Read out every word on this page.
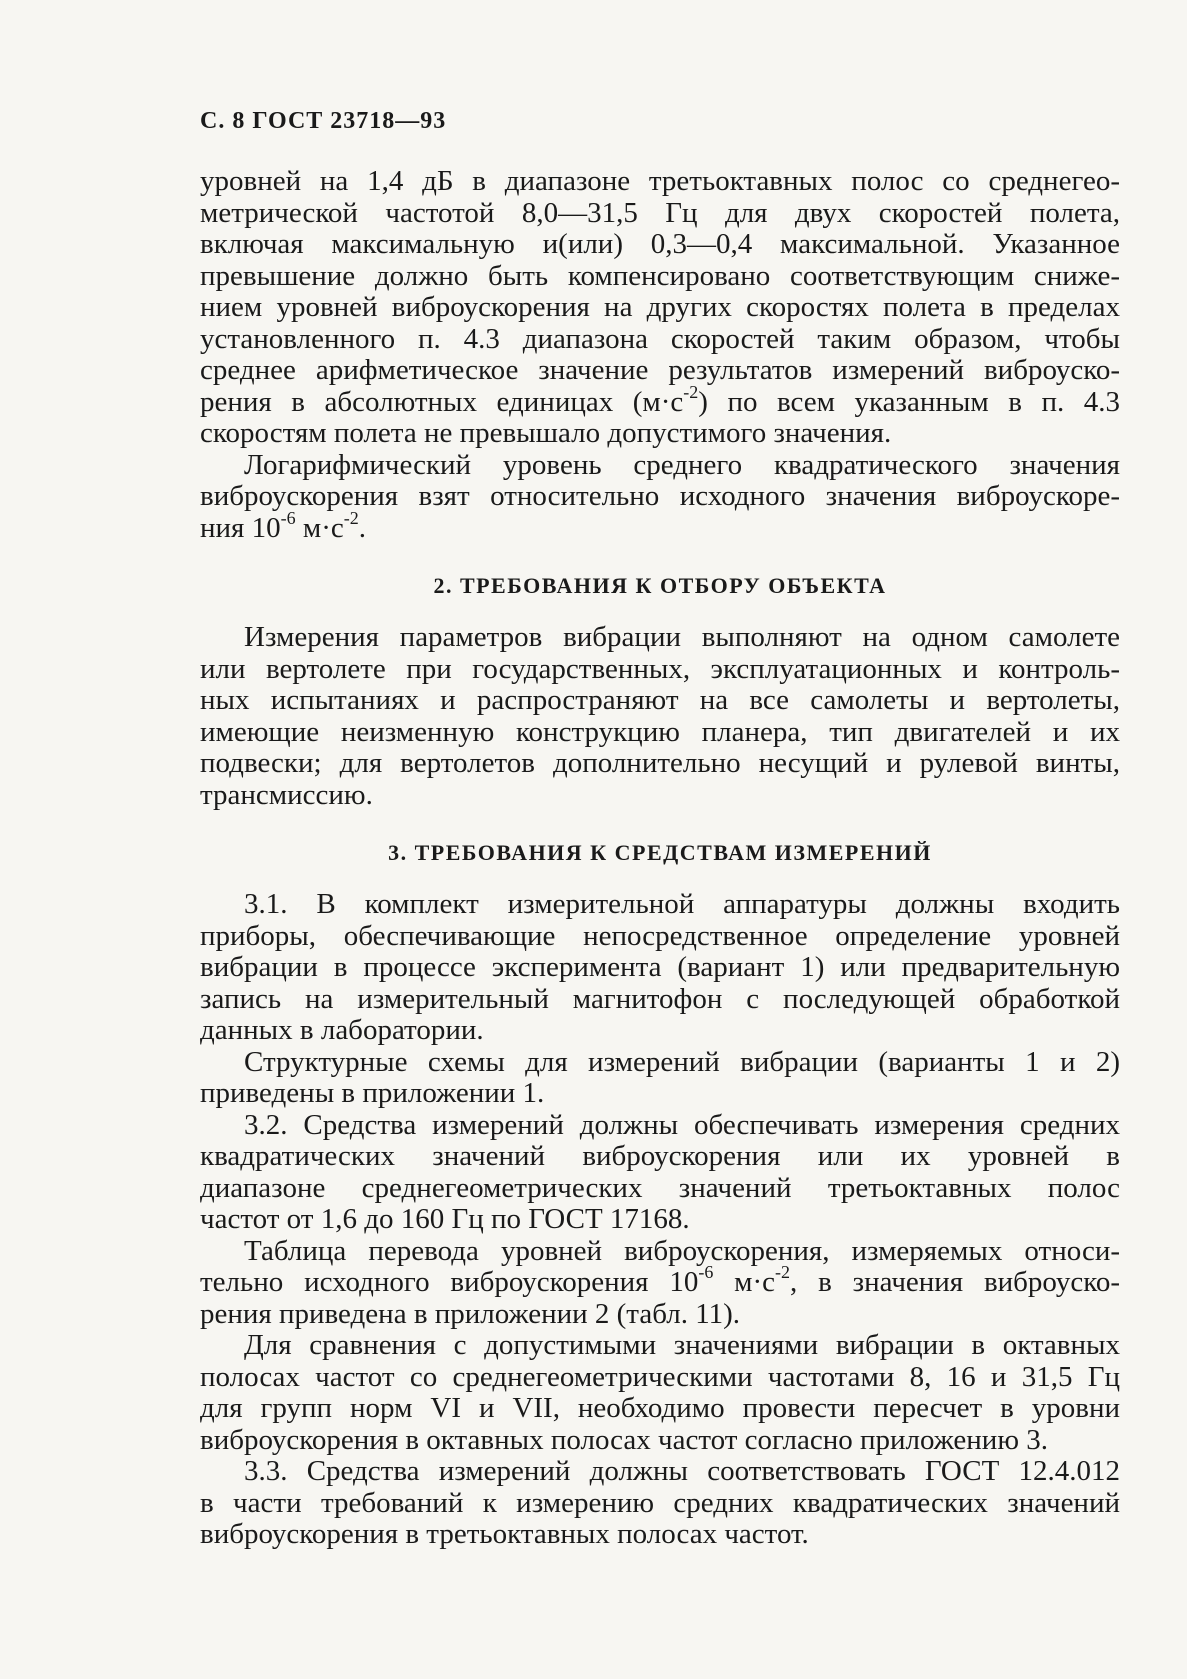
С. 8 ГОСТ 23718—93

уровней на 1,4 дБ в диапазоне третьоктавных полос со среднегео-
метрической частотой 8,0—31,5 Гц для двух скоростей полета,
включая максимальную и(или) 0,3—0,4 максимальной. Указанное
превышение должно быть компенсировано соответствующим сниже-
нием уровней виброускорения на других скоростях полета в пределах
установленного п. 4.3 диапазона скоростей таким образом, чтобы
среднее арифметическое значение результатов измерений виброуско-
рения в абсолютных единицах $(м\cdot с^{-2})$ по всем указанным в п. 4.3
скоростям полета не превышало допустимого значения.

Логарифмический уровень среднего квадратического значения
виброускорения взят относительно исходного значения виброускоре-
ния $10^{-6}$ $м\cdot с^{-2}$.

2. ТРЕБОВАНИЯ К ОТБОРУ ОБЪЕКТА

Измерения параметров вибрации выполняют на одном самолете
или вертолете при государственных, эксплуатационных и контроль-
ных испытаниях и распространяют на все самолеты и вертолеты,
имеющие неизменную конструкцию планера, тип двигателей и их
подвески; для вертолетов дополнительно несущий и рулевой винты,
трансмиссию.

3. ТРЕБОВАНИЯ К СРЕДСТВАМ ИЗМЕРЕНИЙ

3.1. В комплект измерительной аппаратуры должны входить
приборы, обеспечивающие непосредственное определение уровней
вибрации в процессе эксперимента (вариант 1) или предварительную
запись на измерительный магнитофон с последующей обработкой
данных в лаборатории.

Структурные схемы для измерений вибрации (варианты 1 и 2)
приведены в приложении 1.

3.2. Средства измерений должны обеспечивать измерения средних
квадратических значений виброускорения или их уровней в
диапазоне среднегеометрических значений третьоктавных полос
частот от 1,6 до 160 Гц по ГОСТ 17168.

Таблица перевода уровней виброускорения, измеряемых относи-
тельно исходного виброускорения $10^{-6}$ $м\cdot с^{-2}$, в значения виброуско-
рения приведена в приложении 2 (табл. 11).

Для сравнения с допустимыми значениями вибрации в октавных
полосах частот со среднегеометрическими частотами 8, 16 и 31,5 Гц
для групп норм VI и VII, необходимо провести пересчет в уровни
виброускорения в октавных полосах частот согласно приложению 3.

3.3. Средства измерений должны соответствовать ГОСТ 12.4.012
в части требований к измерению средних квадратических значений
виброускорения в третьоктавных полосах частот.
